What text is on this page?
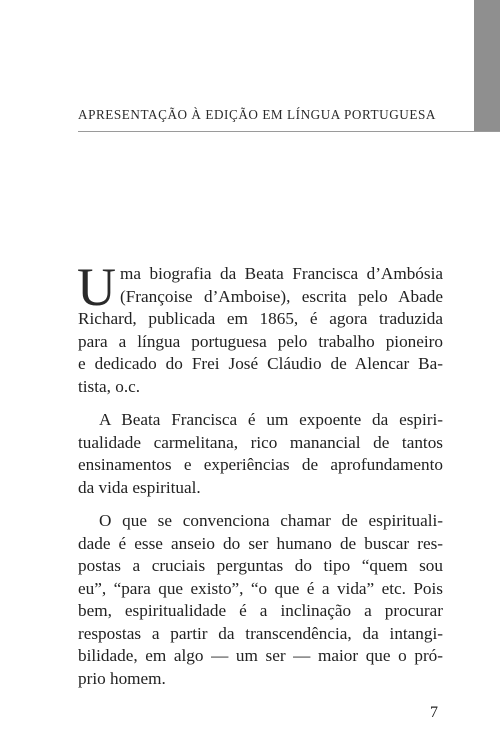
APRESENTAÇÃO À EDIÇÃO EM LÍNGUA PORTUGUESA
U ma biografia da Beata Francisca d’Ambósia
(Françoise d’Amboise), escrita pelo Abade
Richard, publicada em 1865, é agora traduzida
para a língua portuguesa pelo trabalho pioneiro
e dedicado do Frei José Cláudio de Alencar Ba-
tista, o.c.
A Beata Francisca é um expoente da espiri-
tualidade carmelitana, rico manancial de tantos
ensinamentos e experiências de aprofundamento
da vida espiritual.
O que se convenciona chamar de espirituali-
dade é esse anseio do ser humano de buscar res-
postas a cruciais perguntas do tipo “quem sou
eu”, “para que existo”, “o que é a vida” etc. Pois
bem, espiritualidade é a inclinação a procurar
respostas a partir da transcendência, da intangi-
bilidade, em algo — um ser — maior que o pró-
prio homem.
7
